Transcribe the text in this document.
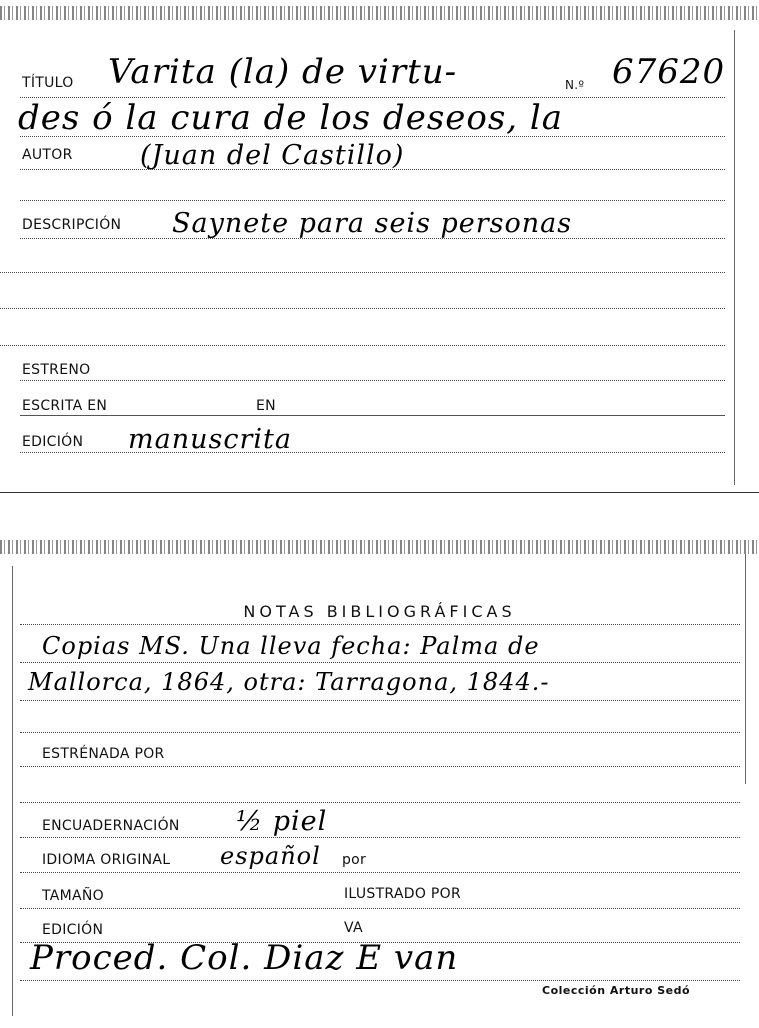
TÍTULO Varita (la) de virtu-	N.º 67620
des ó la cura de los deseos, la
AUTOR (Juan del Castillo)
DESCRIPCIÓN Saynete para seis personas
ESTRENO
ESCRITA EN	EN
EDICIÓN manuscrita
NOTAS BIBLIOGRÁFICAS
Copias MS. Una lleva fecha: Palma de
Mallorca, 1864, otra: Tarragona, 1844.-
ESTRÉNADA POR
ENCUADERNACIÓN ½ piel
IDIOMA ORIGINAL español por
TAMAÑO	ILUSTRADO POR
EDICIÓN	VA
Proced. Col. Diaz E van
Colección Arturo Sedó
